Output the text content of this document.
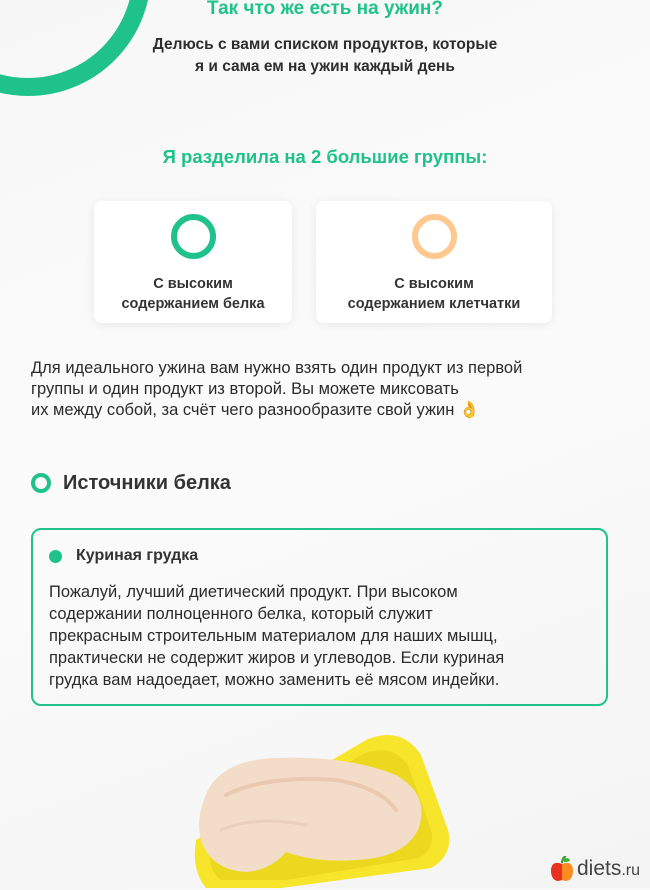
Так что же есть на ужин?
Делюсь с вами списком продуктов, которые
я и сама ем на ужин каждый день
Я разделила на 2 большие группы:
С высоким
содержанием белка
С высоким
содержанием клетчатки
Для идеального ужина вам нужно взять один продукт из первой
группы и один продукт из второй. Вы можете миксовать
их между собой, за счёт чего разнообразите свой ужин 👌
Источники белка
Куриная грудка
Пожалуй, лучший диетический продукт. При высоком
содержании полноценного белка, который служит
прекрасным строительным материалом для наших мышц,
практически не содержит жиров и углеводов. Если куриная
грудка вам надоедает, можно заменить её мясом индейки.
diets.ru
